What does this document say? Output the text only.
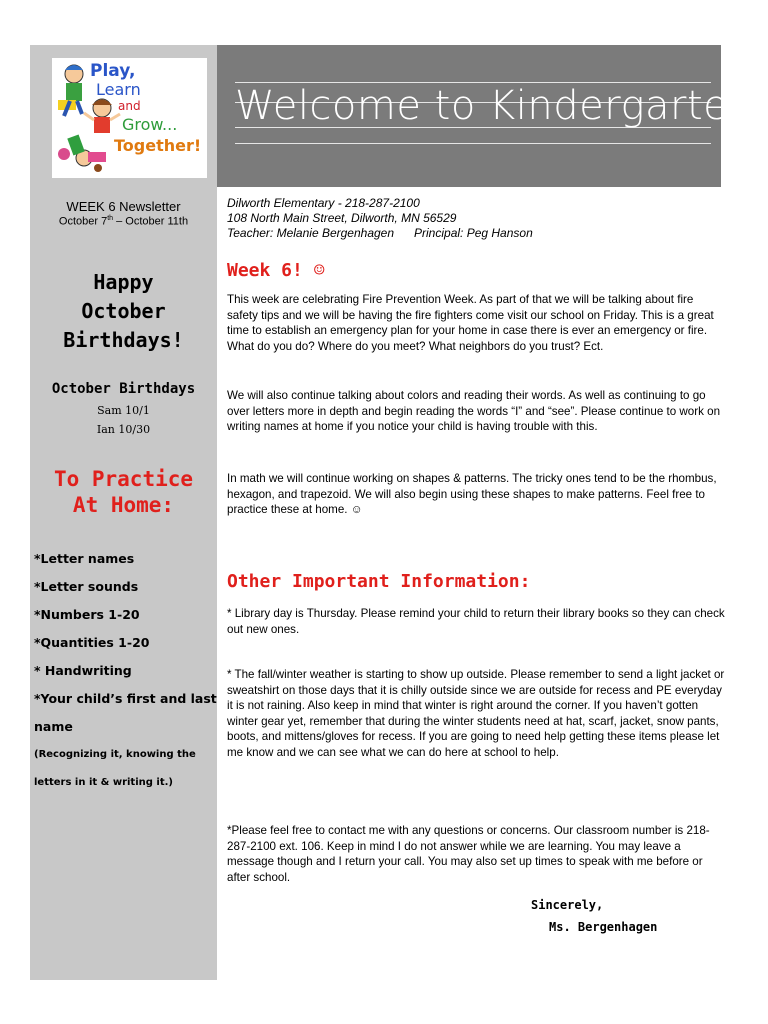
Play,
Learn
and
Grow...
Together!
Welcome to Kindergarten
WEEK 6 Newsletter
October 7th – October 11th
Happy
October
Birthdays!
October Birthdays
Sam 10/1
Ian 10/30
To Practice
At Home:
*Letter names
*Letter sounds
*Numbers 1-20
*Quantities 1-20
* Handwriting
*Your child’s first and last
name
(Recognizing it, knowing the
letters in it & writing it.)
Dilworth Elementary - 218-287-2100
108 North Main Street, Dilworth, MN 56529
Teacher: Melanie Bergenhagen      Principal: Peg Hanson
Week 6! ☺
This week are celebrating Fire Prevention Week. As part of that we will be talking about fire safety tips and we will be having the fire fighters come visit our school on Friday. This is a great time to establish an emergency plan for your home in case there is ever an emergency or fire. What do you do? Where do you meet? What neighbors do you trust? Ect.
We will also continue talking about colors and reading their words. As well as continuing to go over letters more in depth and begin reading the words “I” and “see”. Please continue to work on writing names at home if you notice your child is having trouble with this.
In math we will continue working on shapes & patterns. The tricky ones tend to be the rhombus, hexagon, and trapezoid. We will also begin using these shapes to make patterns. Feel free to practice these at home. ☺
Other Important Information:
* Library day is Thursday. Please remind your child to return their library books so they can check out new ones.
* The fall/winter weather is starting to show up outside. Please remember to send a light jacket or sweatshirt on those days that it is chilly outside since we are outside for recess and PE everyday it is not raining. Also keep in mind that winter is right around the corner. If you haven’t gotten winter gear yet, remember that during the winter students need at hat, scarf, jacket, snow pants, boots, and mittens/gloves for recess. If you are going to need help getting these items please let me know and we can see what we can do here at school to help.
*Please feel free to contact me with any questions or concerns. Our classroom number is 218-287-2100 ext. 106. Keep in mind I do not answer while we are learning. You may leave a message though and I return your call. You may also set up times to speak with me before or after school.
Sincerely,
Ms. Bergenhagen
